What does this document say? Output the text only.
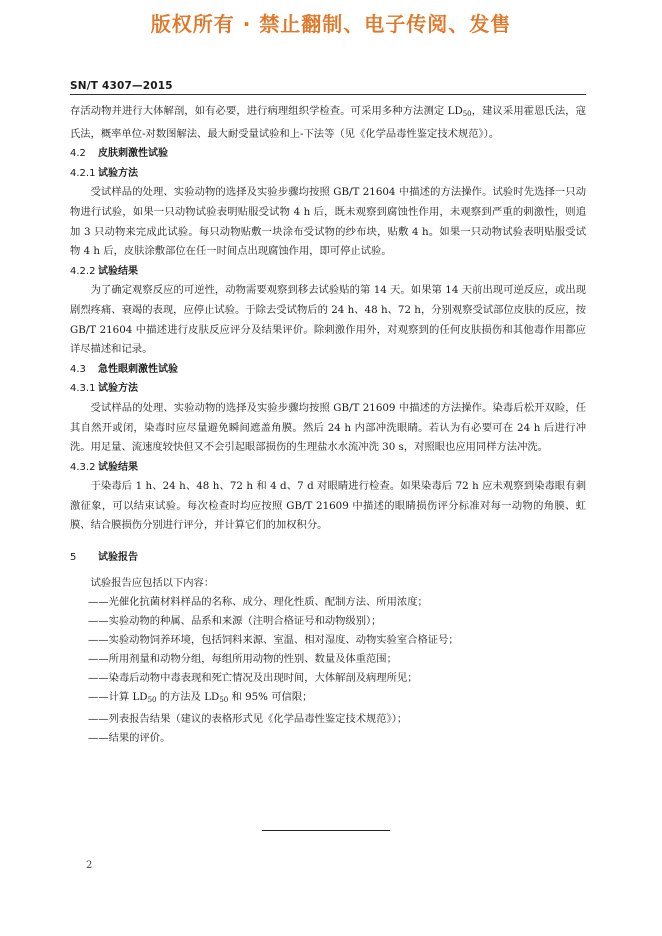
版权所有 · 禁止翻制、电子传阅、发售
SN/T 4307—2015

存活动物并进行大体解剖，如有必要，进行病理组织学检查。可采用多种方法测定 $LD_{50}$，建议采用霍恩氏法，寇氏法，概率单位-对数图解法、最大耐受量试验和上-下法等（见《化学品毒性鉴定技术规范》）。

4.2 皮肤刺激性试验

4.2.1 试验方法

受试样品的处理、实验动物的选择及实验步骤均按照 GB/T 21604 中描述的方法操作。试验时先选择一只动物进行试验，如果一只动物试验表明贴服受试物 4 h 后，既未观察到腐蚀性作用，未观察到严重的刺激性，则追加 3 只动物来完成此试验。每只动物贴敷一块涂布受试物的纱布块，贴敷 4 h。如果一只动物试验表明贴服受试物 4 h 后，皮肤涂敷部位在任一时间点出现腐蚀作用，即可停止试验。

4.2.2 试验结果

为了确定观察反应的可逆性，动物需要观察到移去试验贴的第 14 天。如果第 14 天前出现可逆反应，或出现剧烈疼痛、衰竭的表现，应停止试验。于除去受试物后的 24 h、48 h、72 h，分别观察受试部位皮肤的反应，按 GB/T 21604 中描述进行皮肤反应评分及结果评价。除刺激作用外，对观察到的任何皮肤损伤和其他毒作用都应详尽描述和记录。

4.3 急性眼刺激性试验

4.3.1 试验方法

受试样品的处理、实验动物的选择及实验步骤均按照 GB/T 21609 中描述的方法操作。染毒后松开双睑，任其自然开或闭，染毒时应尽量避免瞬间遮盖角膜。然后 24 h 内部冲洗眼睛。若认为有必要可在 24 h 后进行冲洗。用足量、流速度较快但又不会引起眼部损伤的生理盐水水流冲洗 30 s，对照眼也应用同样方法冲洗。

4.3.2 试验结果

于染毒后 1 h、24 h、48 h、72 h 和 4 d、7 d 对眼睛进行检查。如果染毒后 72 h 应未观察到染毒眼有刺激征象，可以结束试验。每次检查时均应按照 GB/T 21609 中描述的眼睛损伤评分标准对每一动物的角膜、虹膜、结合膜损伤分别进行评分，并计算它们的加权积分。

5 试验报告

试验报告应包括以下内容：

——光催化抗菌材料样品的名称、成分、理化性质、配制方法、所用浓度；

——实验动物的种属、品系和来源（注明合格证号和动物级别）；

——实验动物饲养环境，包括饲料来源、室温、相对湿度、动物实验室合格证号；

——所用剂量和动物分组，每组所用动物的性别、数量及体重范围；

——染毒后动物中毒表现和死亡情况及出现时间，大体解剖及病理所见；

——计算 $LD_{50}$ 的方法及 $LD_{50}$ 和 95% 可信限；

——列表报告结果（建议的表格形式见《化学品毒性鉴定技术规范》）；

——结果的评价。

2
